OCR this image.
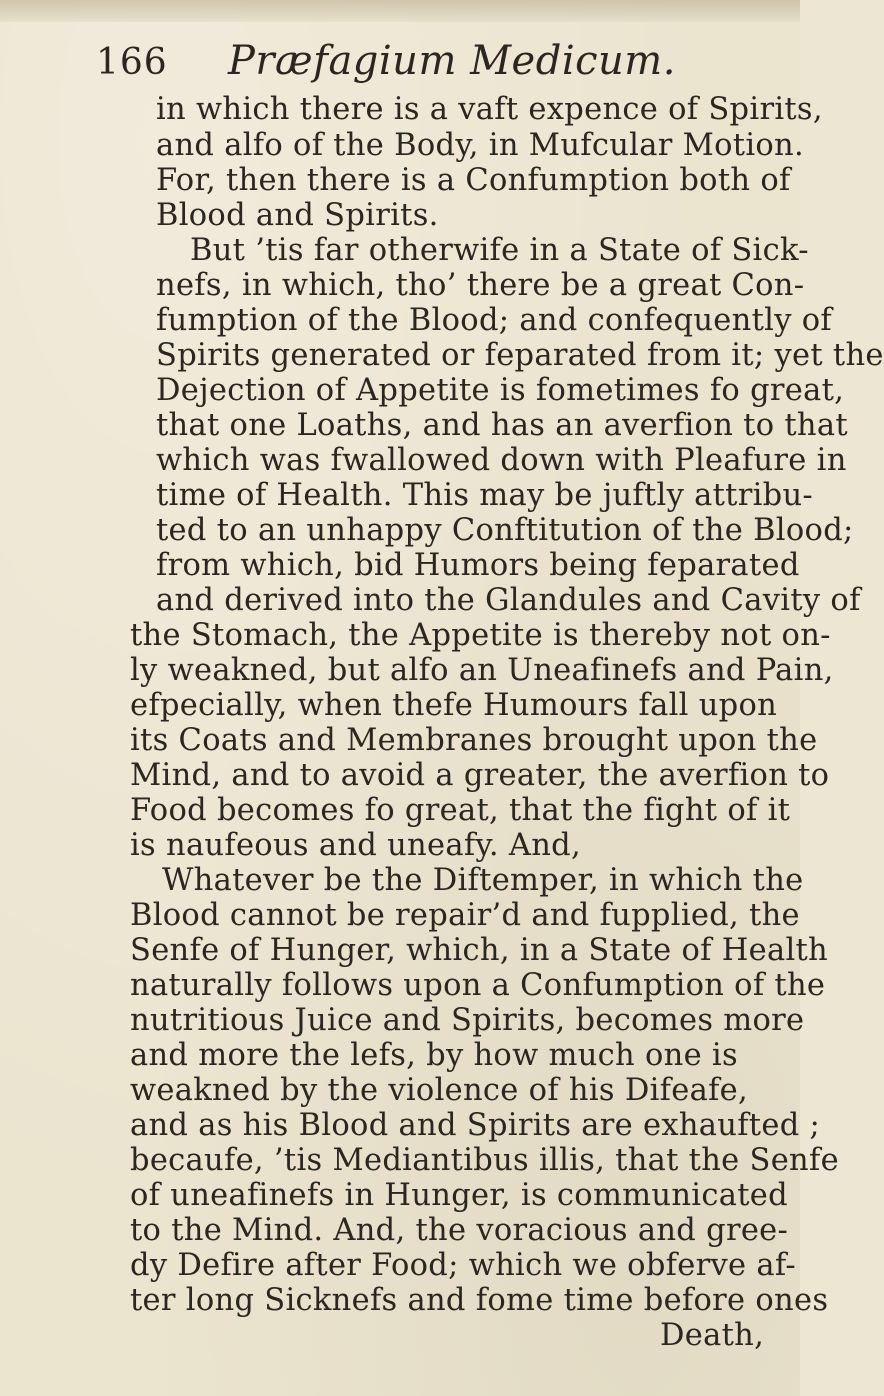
166 Præfagium Medicum.
in which there is a vaft expence of Spirits,
and alfo of the Body, in Mufcular Motion.
For, then there is a Confumption both of
Blood and Spirits.
But ’tis far otherwife in a State of Sick-
nefs, in which, tho’ there be a great Con-
fumption of the Blood; and confequently of
Spirits generated or feparated from it; yet the
Dejection of Appetite is fometimes fo great,
that one Loaths, and has an averfion to that
which was fwallowed down with Pleafure in
time of Health. This may be juftly attribu-
ted to an unhappy Conftitution of the Blood;
from which, bid Humors being feparated
and derived into the Glandules and Cavity of
the Stomach, the Appetite is thereby not on-
ly weakned, but alfo an Uneafinefs and Pain,
efpecially, when thefe Humours fall upon
its Coats and Membranes brought upon the
Mind, and to avoid a greater, the averfion to
Food becomes fo great, that the fight of it
is naufeous and uneafy. And,
Whatever be the Diftemper, in which the
Blood cannot be repair’d and fupplied, the
Senfe of Hunger, which, in a State of Health
naturally follows upon a Confumption of the
nutritious Juice and Spirits, becomes more
and more the lefs, by how much one is
weakned by the violence of his Difeafe,
and as his Blood and Spirits are exhaufted ;
becaufe, ’tis Mediantibus illis, that the Senfe
of uneafinefs in Hunger, is communicated
to the Mind. And, the voracious and gree-
dy Defire after Food; which we obferve af-
ter long Sicknefs and fome time before ones
Death,
